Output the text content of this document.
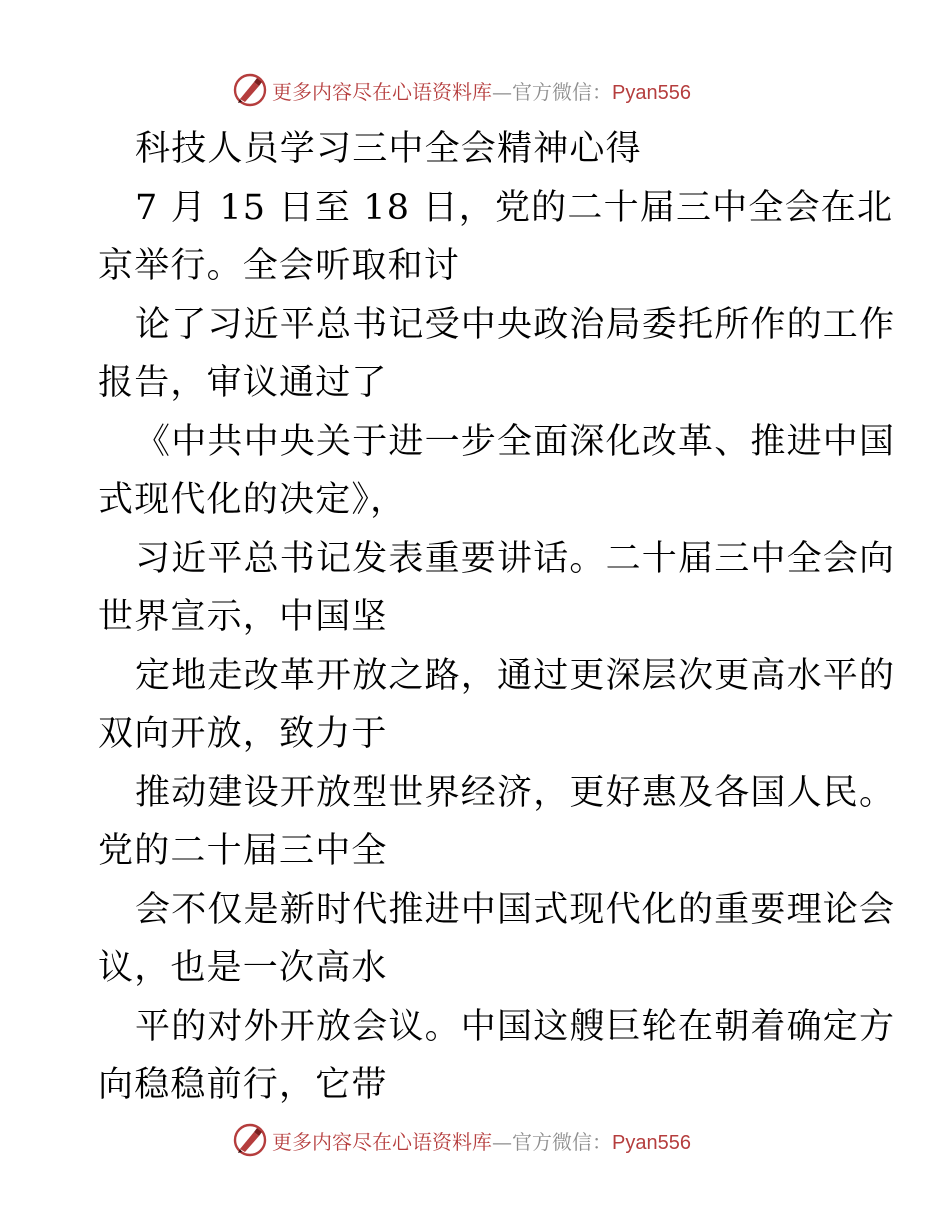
更多内容尽在心语资料库—官方微信：Pyan556
科技人员学习三中全会精神心得
7 月 15 日至 18 日，党的二十届三中全会在北
京举行。全会听取和讨
论了习近平总书记受中央政治局委托所作的工作
报告，审议通过了
《中共中央关于进一步全面深化改革、推进中国
式现代化的决定》，
习近平总书记发表重要讲话。二十届三中全会向
世界宣示，中国坚
定地走改革开放之路，通过更深层次更高水平的
双向开放，致力于
推动建设开放型世界经济，更好惠及各国人民。
党的二十届三中全
会不仅是新时代推进中国式现代化的重要理论会
议，也是一次高水
平的对外开放会议。中国这艘巨轮在朝着确定方
向稳稳前行，它带
更多内容尽在心语资料库—官方微信：Pyan556
